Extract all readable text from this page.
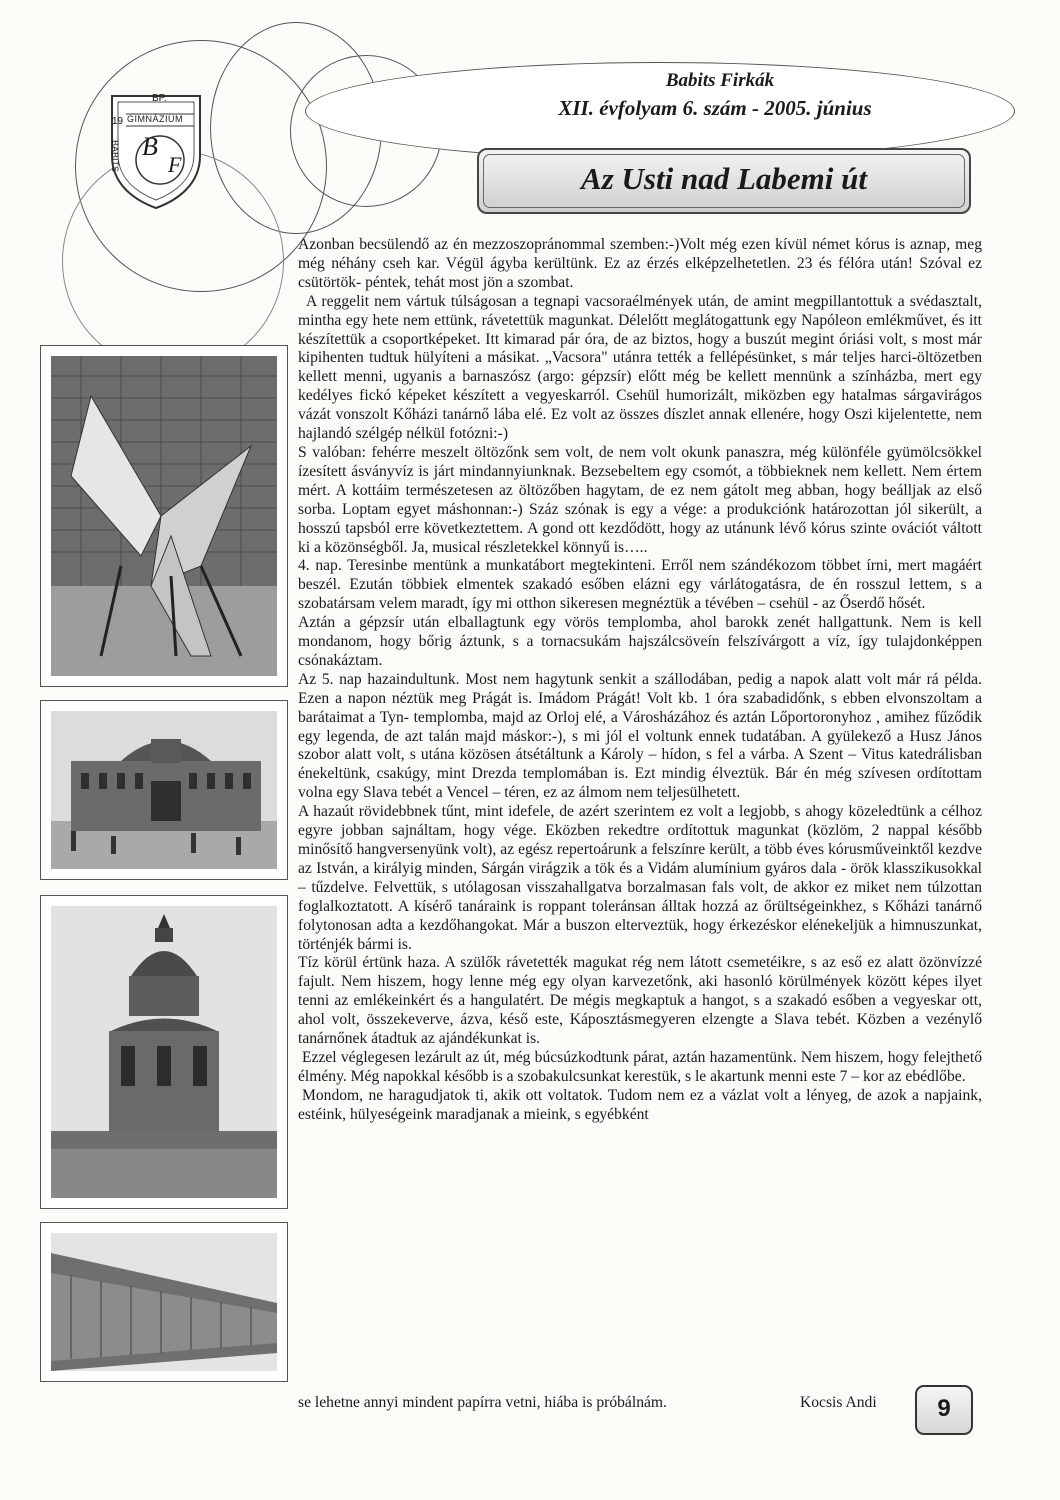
Babits Firkák
XII. évfolyam 6. szám - 2005. június
BP.
19 GIMNÁZIUM
BABITS B
F	Az Usti nad Labemi út

Azonban becsülendő az én mezzoszopránommal szemben:-)Volt még ezen kívül német kórus is aznap, meg még néhány cseh kar. Végül ágyba kerültünk. Ez az érzés elképzelhetetlen. 23 és félóra után! Szóval ez csütörtök- péntek, tehát most jön a szombat.

A reggelit nem vártuk túlságosan a tegnapi vacsoraélmények után, de amint megpillantottuk a svédasztalt, mintha egy hete nem ettünk, rávetettük magunkat. Délelőtt meglátogattunk egy Napóleon emlékművet, és itt készítettük a csoportképeket. Itt kimarad pár óra, de az biztos, hogy a buszút megint óriási volt, s most már kipihenten tudtuk hülyíteni a másikat. „Vacsora" utánra tették a fellépésünket, s már teljes harci-öltözetben kellett menni, ugyanis a barnaszósz (argo: gépzsír) előtt még be kellett mennünk a színházba, mert egy kedélyes fickó képeket készített a vegyeskarról. Csehül humorizált, miközben egy hatalmas sárgavirágos vázát vonszolt Kőházi tanárnő lába elé. Ez volt az összes díszlet annak ellenére, hogy Oszi kijelentette, nem hajlandó szélgép nélkül fotózni:-)

S valóban: fehérre meszelt öltözőnk sem volt, de nem volt okunk panaszra, még különféle gyümölcsökkel ízesített ásványvíz is járt mindannyiunknak. Bezsebeltem egy csomót, a többieknek nem kellett. Nem értem mért. A kottáim természetesen az öltözőben hagytam, de ez nem gátolt meg abban, hogy beálljak az első sorba. Loptam egyet máshonnan:-) Száz szónak is egy a vége: a produkciónk határozottan jól sikerült, a hosszú tapsból erre következtettem. A gond ott kezdődött, hogy az utánunk lévő kórus szinte ovációt váltott ki a közönségből. Ja, musical részletekkel könnyű is…..

4. nap. Teresinbe mentünk a munkatábort megtekinteni. Erről nem szándékozom többet írni, mert magáért beszél. Ezután többiek elmentek szakadó esőben elázni egy várlátogatásra, de én rosszul lettem, s a szobatársam velem maradt, így mi otthon sikeresen megnéztük a tévében – csehül - az Őserdő hősét.

Aztán a gépzsír után elballagtunk egy vörös templomba, ahol barokk zenét hallgattunk. Nem is kell mondanom, hogy bőrig áztunk, s a tornacsukám hajszálcsöveín felszívárgott a víz, így tulajdonképpen csónakáztam.

Az 5. nap hazaindultunk. Most nem hagytunk senkit a szállodában, pedig a napok alatt volt már rá példa. Ezen a napon néztük meg Prágát is. Imádom Prágát! Volt kb. 1 óra szabadidőnk, s ebben elvonszoltam a barátaimat a Tyn- templomba, majd az Orloj elé, a Városházához és aztán Lőportoronyhoz , amihez fűződik egy legenda, de azt talán majd máskor:-), s mi jól el voltunk ennek tudatában. A gyülekező a Husz János szobor alatt volt, s utána közösen átsétáltunk a Károly – hídon, s fel a várba. A Szent – Vitus katedrálisban énekeltünk, csakúgy, mint Drezda templomában is. Ezt mindig élveztük. Bár én még szívesen ordítottam volna egy Slava tebét a Vencel – téren, ez az álmom nem teljesülhetett.

A hazaút rövidebbnek tűnt, mint idefele, de azért szerintem ez volt a legjobb, s ahogy közeledtünk a célhoz egyre jobban sajnáltam, hogy vége. Eközben rekedtre ordítottuk magunkat (közlöm, 2 nappal később minősítő hangversenyünk volt), az egész repertoárunk a felszínre került, a több éves kórusműveinktől kezdve az István, a királyig minden, Sárgán virágzik a tök és a Vidám alumínium gyáros dala - örök klasszikusokkal – tűzdelve. Felvettük, s utólagosan visszahallgatva borzalmasan fals volt, de akkor ez miket nem túlzottan foglalkoztatott. A kísérő tanáraink is roppant toleránsan álltak hozzá az őrültségeinkhez, s Kőházi tanárnő folytonosan adta a kezdőhangokat. Már a buszon elterveztük, hogy érkezéskor elénekeljük a himnuszunkat, történjék bármi is.

Tíz körül értünk haza. A szülők rávetették magukat rég nem látott csemetéikre, s az eső ez alatt özönvízzé fajult. Nem hiszem, hogy lenne még egy olyan karvezetőnk, aki hasonló körülmények között képes ilyet tenni az emlékeinkért és a hangulatért. De mégis megkaptuk a hangot, s a szakadó esőben a vegyeskar ott, ahol volt, összekeverve, ázva, késő este, Káposztásmegyeren elzengte a Slava tebét. Közben a vezénylő tanárnőnek átadtuk az ajándékunkat is.

Ezzel véglegesen lezárult az út, még búcsúzkodtunk párat, aztán hazamentünk. Nem hiszem, hogy felejthető élmény. Még napokkal később is a szobakulcsunkat kerestük, s le akartunk menni este 7 – kor az ebédlőbe.

Mondom, ne haragudjatok ti, akik ott voltatok. Tudom nem ez a vázlat volt a lényeg, de azok a napjaink, estéink, hülyeségeink maradjanak a mieink, s egyébként

se lehetne annyi mindent papírra vetni, hiába is próbálnám.	Kocsis Andi	9
